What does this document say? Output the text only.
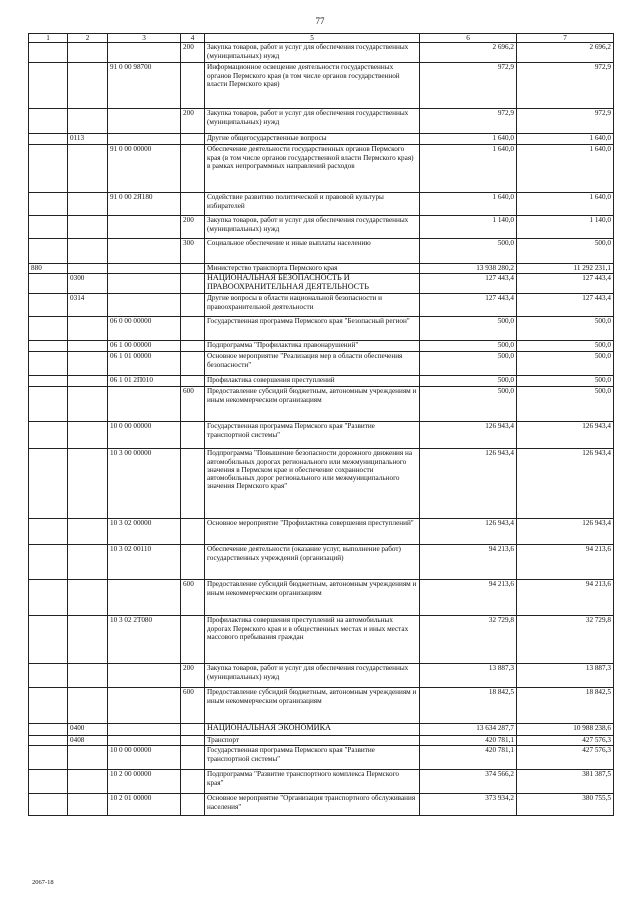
77
1	2	3	4	5	6	7
			200	Закупка товаров, работ и услуг для обеспечения государственных (муниципальных) нужд	2 696,2	2 696,2
		91 0 00 98700		Информационное освещение деятельности государственных органов Пермского края (в том числе органов государственной власти Пермского края)	972,9	972,9
			200	Закупка товаров, работ и услуг для обеспечения государственных (муниципальных) нужд	972,9	972,9
	0113			Другие общегосударственные вопросы	1 640,0	1 640,0
		91 0 00 00000		Обеспечение деятельности государственных органов Пермского края (в том числе органов государственной власти Пермского края) в рамках непрограммных направлений расходов	1 640,0	1 640,0
		91 0 00 2Я180		Содействие развитию политической и правовой культуры избирателей	1 640,0	1 640,0
			200	Закупка товаров, работ и услуг для обеспечения государственных (муниципальных) нужд	1 140,0	1 140,0
			300	Социальное обеспечение и иные выплаты населению	500,0	500,0
880				Министерство транспорта Пермского края	13 938 280,2	11 292 231,1
	0300			НАЦИОНАЛЬНАЯ БЕЗОПАСНОСТЬ И ПРАВООХРАНИТЕЛЬНАЯ ДЕЯТЕЛЬНОСТЬ	127 443,4	127 443,4
	0314			Другие вопросы в области национальной безопасности и правоохранительной деятельности	127 443,4	127 443,4
		06 0 00 00000		Государственная программа Пермского края "Безопасный регион"	500,0	500,0
		06 1 00 00000		Подпрограмма "Профилактика правонарушений"	500,0	500,0
		06 1 01 00000		Основное мероприятие "Реализация мер в области обеспечения безопасности"	500,0	500,0
		06 1 01 2П010		Профилактика совершения преступлений	500,0	500,0
			600	Предоставление субсидий бюджетным, автономным учреждениям и иным некоммерческим организациям	500,0	500,0
		10 0 00 00000		Государственная программа Пермского края "Развитие транспортной системы"	126 943,4	126 943,4
		10 3 00 00000		Подпрограмма "Повышение безопасности дорожного движения на автомобильных дорогах регионального или межмуниципального значения в Пермском крае и обеспечение сохранности автомобильных дорог регионального или межмуниципального значения Пермского края"	126 943,4	126 943,4
		10 3 02 00000		Основное мероприятие "Профилактика совершения преступлений"	126 943,4	126 943,4
		10 3 02 00110		Обеспечение деятельности (оказание услуг, выполнение работ) государственных учреждений (организаций)	94 213,6	94 213,6
			600	Предоставление субсидий бюджетным, автономным учреждениям и иным некоммерческим организациям	94 213,6	94 213,6
		10 3 02 2Т080		Профилактика совершения преступлений на автомобильных дорогах Пермского края и в общественных местах и иных местах массового пребывания граждан	32 729,8	32 729,8
			200	Закупка товаров, работ и услуг для обеспечения государственных (муниципальных) нужд	13 887,3	13 887,3
			600	Предоставление субсидий бюджетным, автономным учреждениям и иным некоммерческим организациям	18 842,5	18 842,5
	0400			НАЦИОНАЛЬНАЯ ЭКОНОМИКА	13 634 287,7	10 988 238,6
	0408			Транспорт	420 781,1	427 576,3
		10 0 00 00000		Государственная программа Пермского края "Развитие транспортной системы"	420 781,1	427 576,3
		10 2 00 00000		Подпрограмма "Развитие транспортного комплекса Пермского края"	374 566,2	381 387,5
		10 2 01 00000		Основное мероприятие "Организация транспортного обслуживания населения"	373 934,2	380 755,5
2067-18
